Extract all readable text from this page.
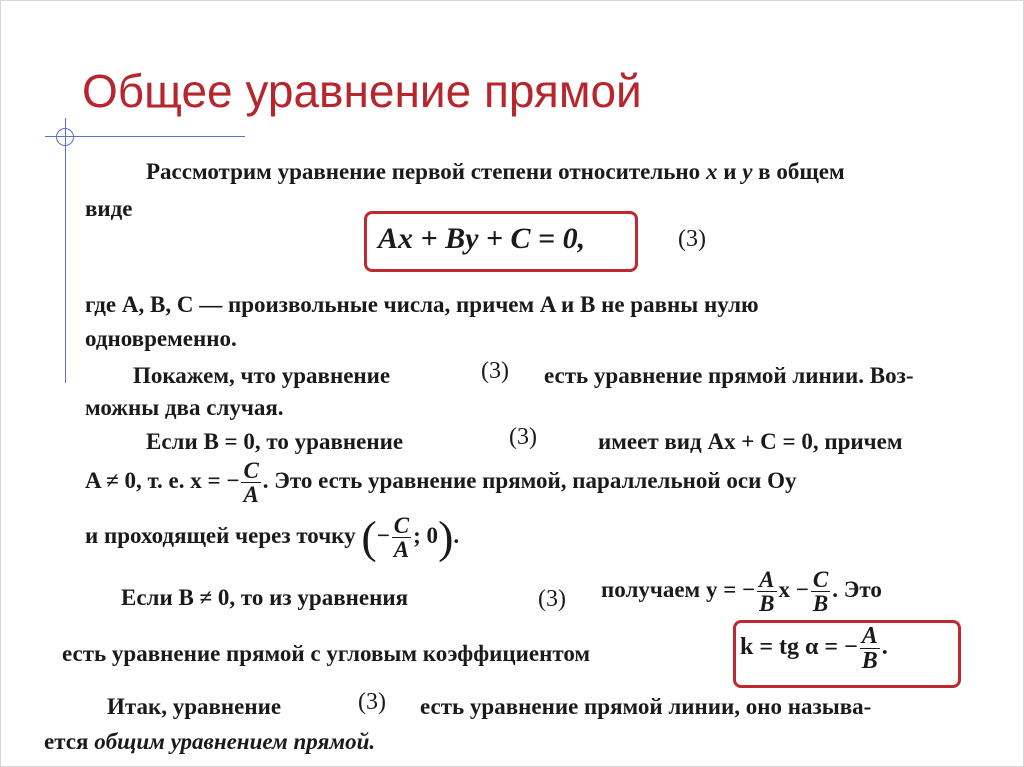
Общее уравнение прямой
Рассмотрим уравнение первой степени относительно x и y в общем
виде
Ax + By + C = 0,	(3)
где A, B, C — произвольные числа, причем A и B не равны нулю
одновременно.
Покажем, что уравнение	(3) есть уравнение прямой линии. Воз-
можны два случая.
Если B = 0, то уравнение	(3)	имеет вид Ax + C = 0, причем
A ≠ 0, т. е. x = − $\frac{C}{A}$ . Это есть уравнение прямой, параллельной оси Oy
и проходящей через точку (− $\frac{C}{A}$ ; 0).
Если B ≠ 0, то из уравнения	(3) получаем y = − $\frac{A}{B}$ $x - \frac{C}{B}$ . Это
есть уравнение прямой с угловым коэффициентом	k = tg α = − $\frac{A}{B}$ .
Итак, уравнение	(3) есть уравнение прямой линии, оно называ-
ется общим уравнением прямой.
